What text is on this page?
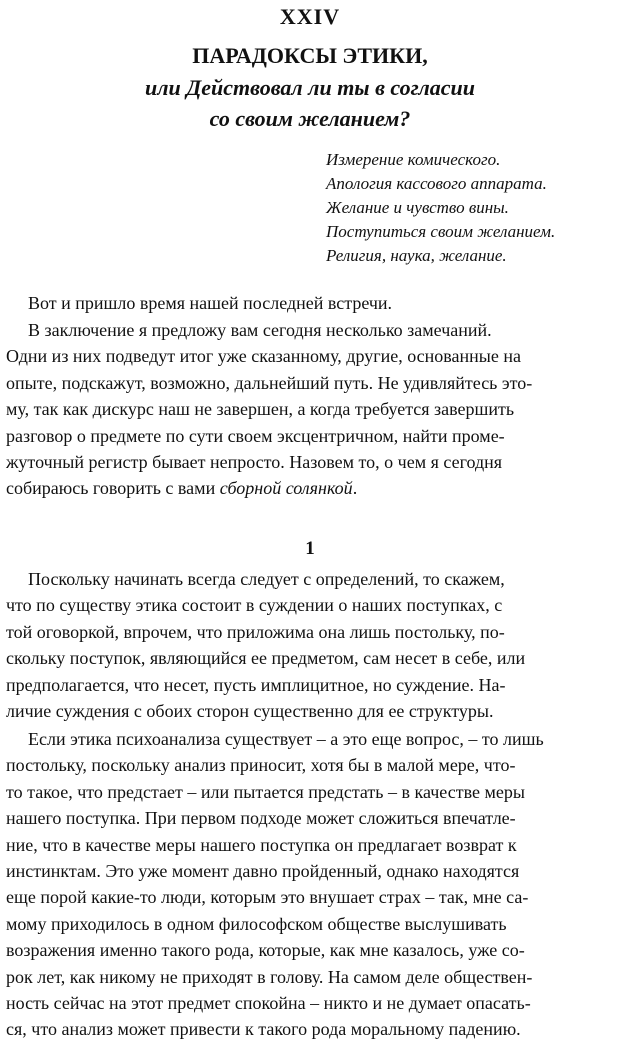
XXIV
ПАРАДОКСЫ ЭТИКИ,
или Действовал ли ты в согласии
со своим желанием?
Измерение комического.
Апология кассового аппарата.
Желание и чувство вины.
Поступиться своим желанием.
Религия, наука, желание.

Вот и пришло время нашей последней встречи.

В заключение я предложу вам сегодня несколько замечаний.
Одни из них подведут итог уже сказанному, другие, основанные на
опыте, подскажут, возможно, дальнейший путь. Не удивляйтесь это-
му, так как дискурс наш не завершен, а когда требуется завершить
разговор о предмете по сути своем эксцентричном, найти проме-
жуточный регистр бывает непросто. Назовем то, о чем я сегодня
собираюсь говорить с вами сборной солянкой.

1

Поскольку начинать всегда следует с определений, то скажем,
что по существу этика состоит в суждении о наших поступках, с
той оговоркой, впрочем, что приложима она лишь постольку, по-
скольку поступок, являющийся ее предметом, сам несет в себе, или
предполагается, что несет, пусть имплицитное, но суждение. На-
личие суждения с обоих сторон существенно для ее структуры.

Если этика психоанализа существует – а это еще вопрос, – то лишь
постольку, поскольку анализ приносит, хотя бы в малой мере, что-
то такое, что предстает – или пытается предстать – в качестве меры
нашего поступка. При первом подходе может сложиться впечатле-
ние, что в качестве меры нашего поступка он предлагает возврат к
инстинктам. Это уже момент давно пройденный, однако находятся
еще порой какие-то люди, которым это внушает страх – так, мне са-
мому приходилось в одном философском обществе выслушивать
возражения именно такого рода, которые, как мне казалось, уже со-
рок лет, как никому не приходят в голову. На самом деле обществен-
ность сейчас на этот предмет спокойна – никто и не думает опасать-
ся, что анализ может привести к такого рода моральному падению.
